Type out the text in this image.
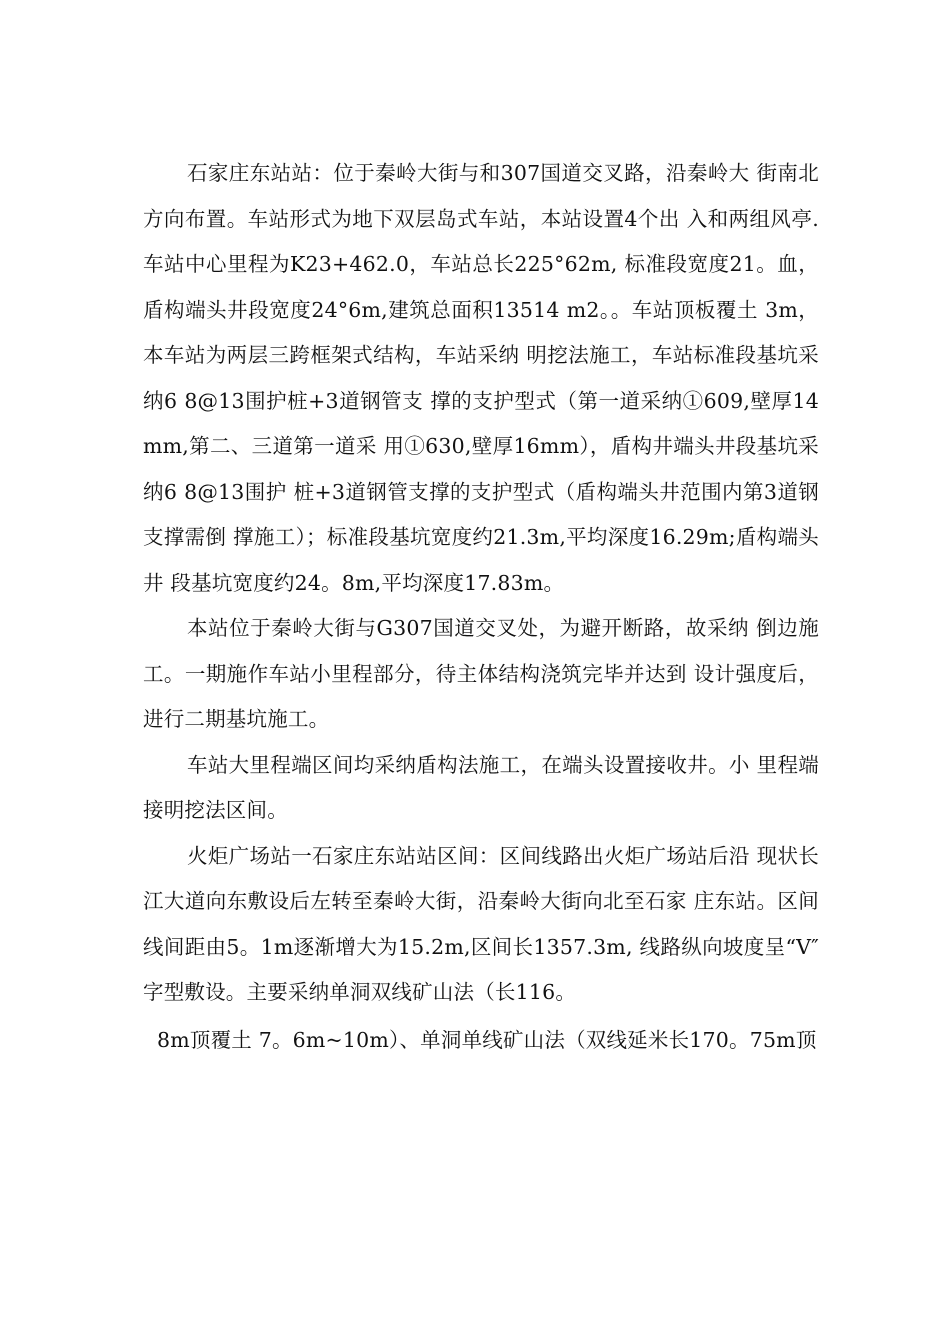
石家庄东站站：位于秦岭大街与和307国道交叉路，沿秦岭大 街南北方向布置。车站形式为地下双层岛式车站，本站设置4个出 入和两组风亭.车站中心里程为K23+462.0，车站总长225°62m, 标准段宽度21。血，盾构端头井段宽度24°6m,建筑总面积13514 m2。。车站顶板覆土 3m，本车站为两层三跨框架式结构，车站采纳 明挖法施工，车站标准段基坑采纳6 8@13围护桩+3道钢管支 撑的支护型式（第一道采纳①609,壁厚14mm,第二、三道第一道采 用①630,壁厚16mm），盾构井端头井段基坑采纳6 8@13围护 桩+3道钢管支撑的支护型式（盾构端头井范围内第3道钢支撑需倒 撑施工）；标准段基坑宽度约21.3m,平均深度16.29m;盾构端头井 段基坑宽度约24。8m,平均深度17.83m。

本站位于秦岭大街与G307国道交叉处，为避开断路，故采纳 倒边施工。一期施作车站小里程部分，待主体结构浇筑完毕并达到 设计强度后，进行二期基坑施工。

车站大里程端区间均采纳盾构法施工，在端头设置接收井。小 里程端接明挖法区间。

火炬广场站一石家庄东站站区间：区间线路出火炬广场站后沿 现状长江大道向东敷设后左转至秦岭大街，沿秦岭大街向北至石家 庄东站。区间线间距由5。1m逐渐增大为15.2m,区间长1357.3m, 线路纵向坡度呈“V″字型敷设。主要采纳单洞双线矿山法（长116。

8m顶覆土 7。6m~10m）、单洞单线矿山法（双线延米长170。75m顶
